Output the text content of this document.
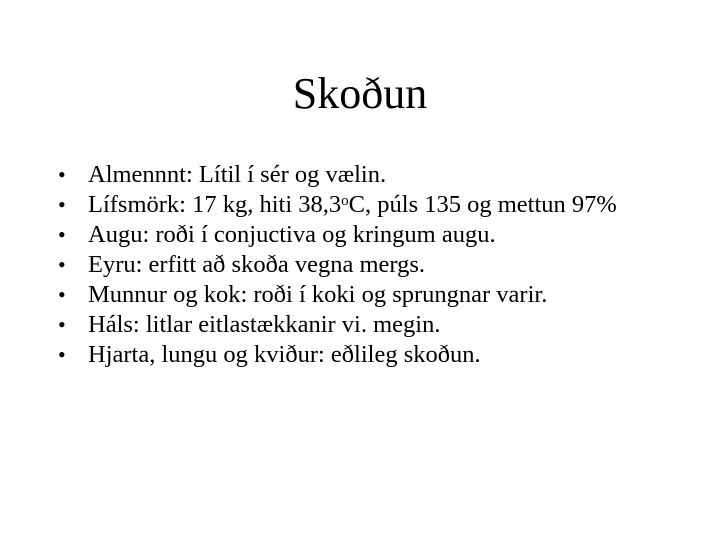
Skoðun
• Almennnt: Lítil í sér og vælin.
• Lífsmörk: 17 kg, hiti 38,3$^o$C, púls 135 og mettun 97%
• Augu: roði í conjuctiva og kringum augu.
• Eyru: erfitt að skoða vegna mergs.
• Munnur og kok: roði í koki og sprungnar varir.
• Háls: litlar eitlastækkanir vi. megin.
• Hjarta, lungu og kviður: eðlileg skoðun.
